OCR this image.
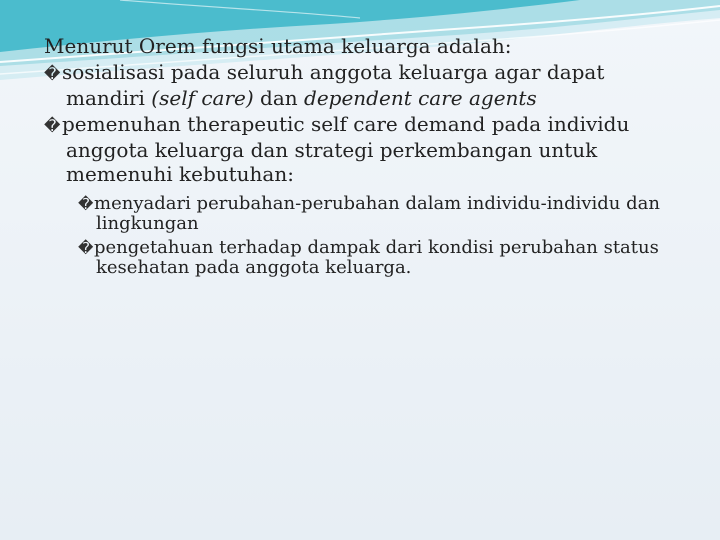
Menurut Orem fungsi utama keluarga adalah:

�sosialisasi pada seluruh anggota keluarga agar dapat mandiri (self care) dan dependent care agents
�pemenuhan therapeutic self care demand pada individu anggota keluarga dan strategi perkembangan untuk memenuhi kebutuhan:
�menyadari perubahan-perubahan dalam individu-individu dan lingkungan
�pengetahuan terhadap dampak dari kondisi perubahan status kesehatan pada anggota keluarga.
